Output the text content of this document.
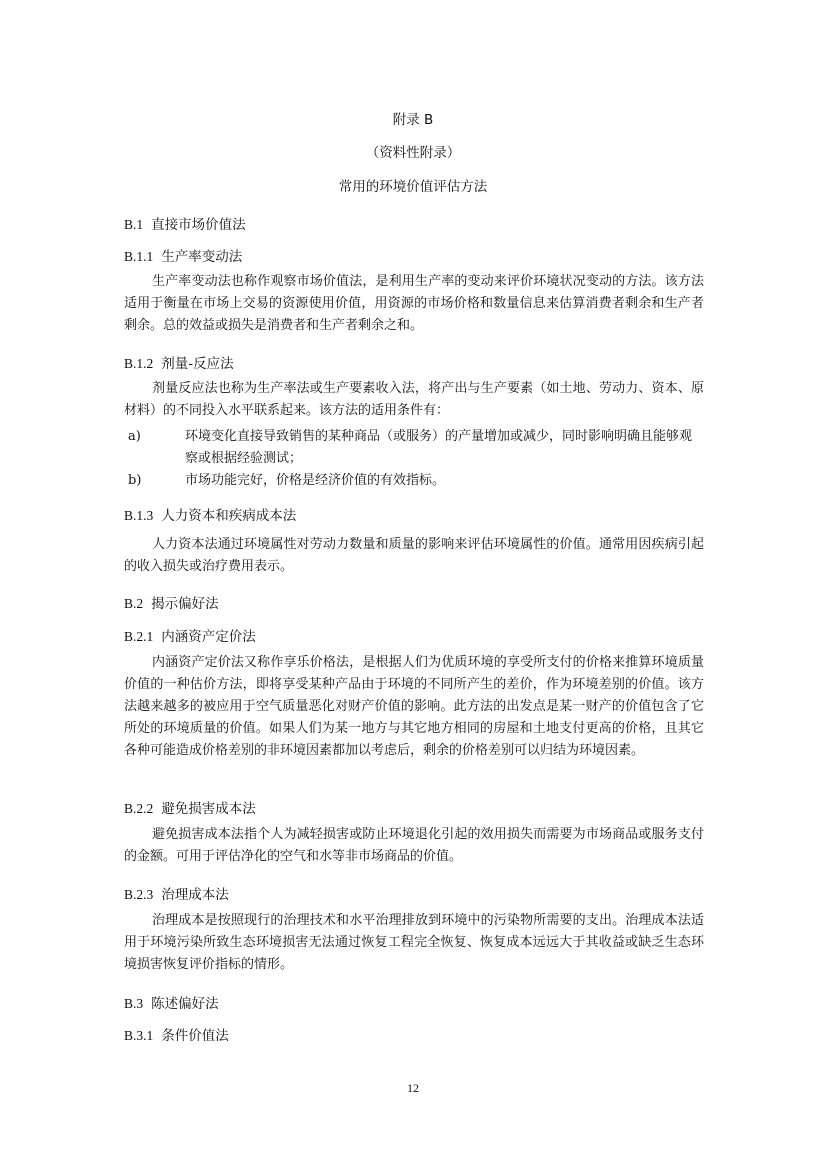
附录 B
（资料性附录）
常用的环境价值评估方法
B.1 直接市场价值法
B.1.1 生产率变动法
生产率变动法也称作观察市场价值法，是利用生产率的变动来评价环境状况变动的方法。该方法适用于衡量在市场上交易的资源使用价值，用资源的市场价格和数量信息来估算消费者剩余和生产者剩余。总的效益或损失是消费者和生产者剩余之和。
B.1.2 剂量-反应法
剂量反应法也称为生产率法或生产要素收入法，将产出与生产要素（如土地、劳动力、资本、原材料）的不同投入水平联系起来。该方法的适用条件有：
a)	环境变化直接导致销售的某种商品（或服务）的产量增加或减少，同时影响明确且能够观察或根据经验测试；
b)	市场功能完好，价格是经济价值的有效指标。
B.1.3 人力资本和疾病成本法
人力资本法通过环境属性对劳动力数量和质量的影响来评估环境属性的价值。通常用因疾病引起的收入损失或治疗费用表示。
B.2 揭示偏好法
B.2.1 内涵资产定价法
内涵资产定价法又称作享乐价格法，是根据人们为优质环境的享受所支付的价格来推算环境质量价值的一种估价方法，即将享受某种产品由于环境的不同所产生的差价，作为环境差别的价值。该方法越来越多的被应用于空气质量恶化对财产价值的影响。此方法的出发点是某一财产的价值包含了它所处的环境质量的价值。如果人们为某一地方与其它地方相同的房屋和土地支付更高的价格，且其它各种可能造成价格差别的非环境因素都加以考虑后，剩余的价格差别可以归结为环境因素。
B.2.2 避免损害成本法
避免损害成本法指个人为减轻损害或防止环境退化引起的效用损失而需要为市场商品或服务支付的金额。可用于评估净化的空气和水等非市场商品的价值。
B.2.3 治理成本法
治理成本是按照现行的治理技术和水平治理排放到环境中的污染物所需要的支出。治理成本法适用于环境污染所致生态环境损害无法通过恢复工程完全恢复、恢复成本远远大于其收益或缺乏生态环境损害恢复评价指标的情形。
B.3 陈述偏好法
B.3.1 条件价值法
12
